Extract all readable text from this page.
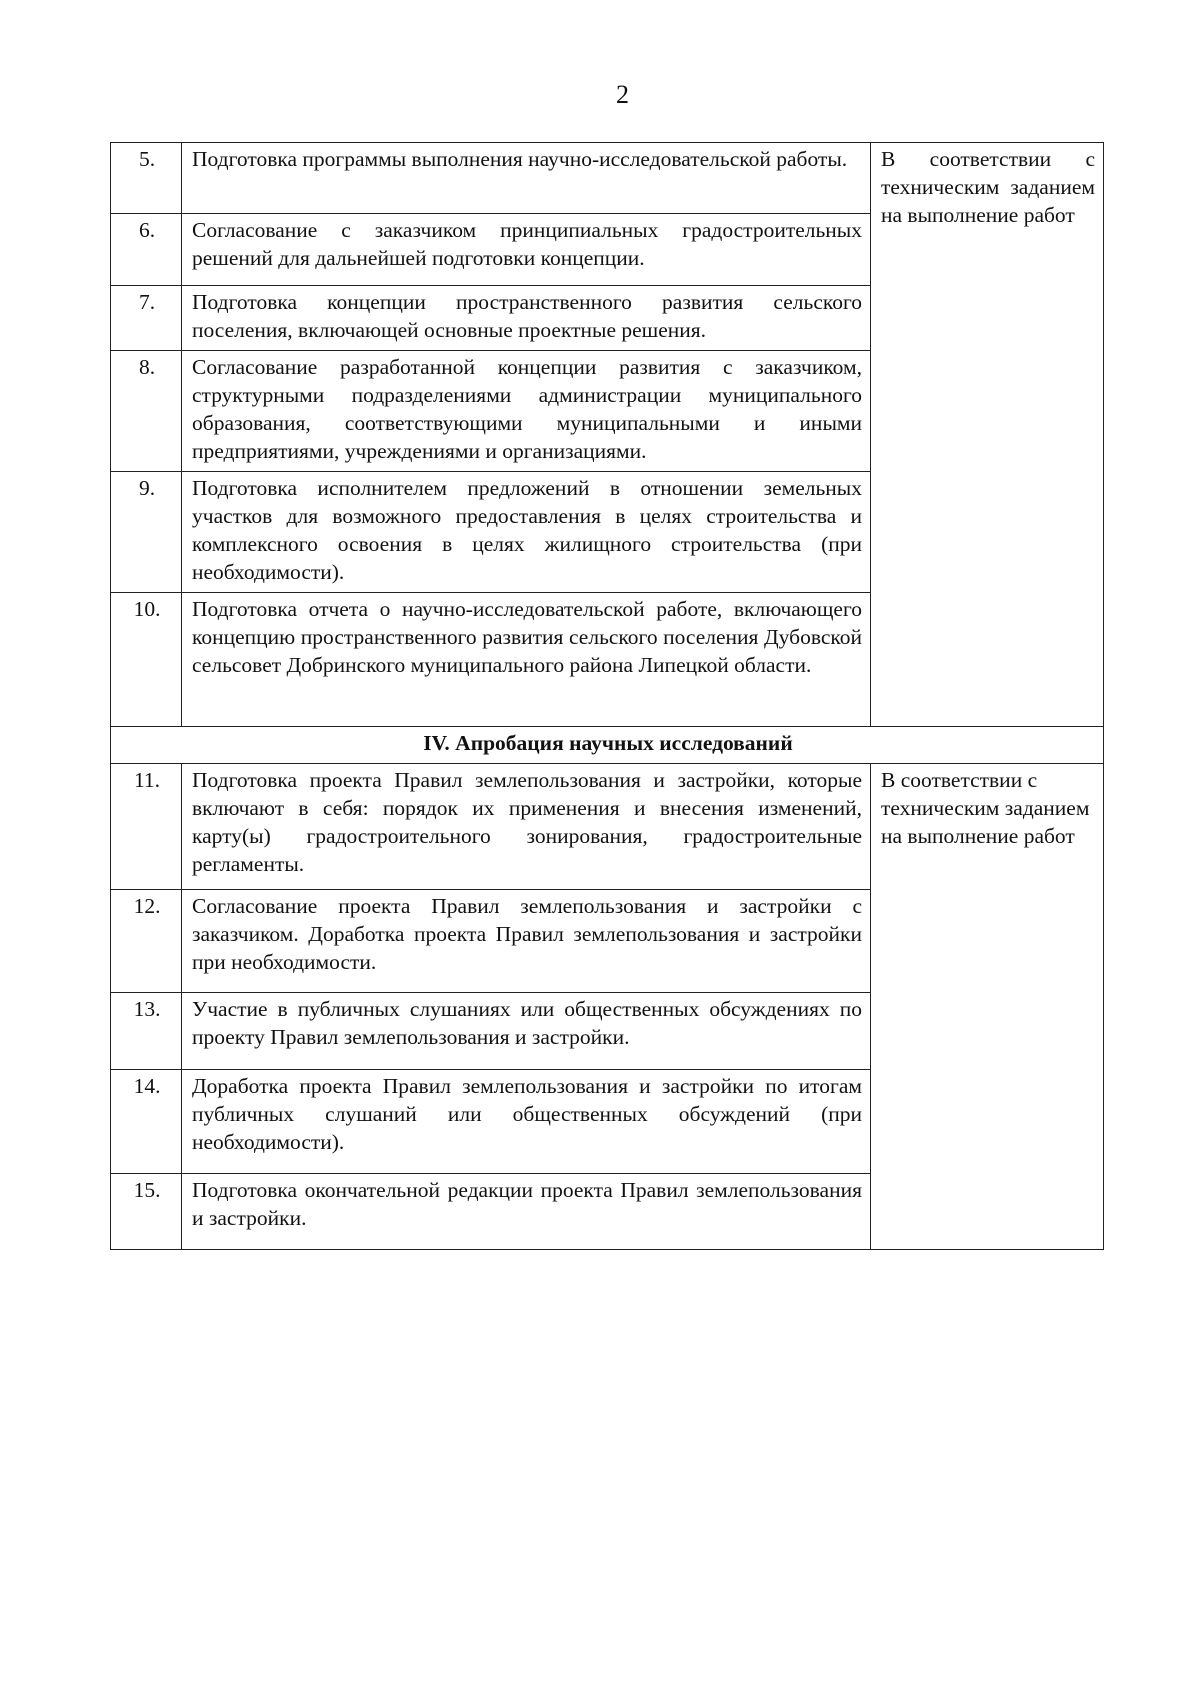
2
5.	Подготовка программы выполнения научно-исследовательской работы.	В соответствии с техническим заданием на выполнение работ
6.	Согласование с заказчиком принципиальных градостроительных решений для дальнейшей подготовки концепции.	
7.	Подготовка концепции пространственного развития сельского поселения, включающей основные проектные решения.	
8.	Согласование разработанной концепции развития с заказчиком, структурными подразделениями администрации муниципального образования, соответствующими муниципальными и иными предприятиями, учреждениями и организациями.	
9.	Подготовка исполнителем предложений в отношении земельных участков для возможного предоставления в целях строительства и комплексного освоения в целях жилищного строительства (при необходимости).	
10.	Подготовка отчета о научно-исследовательской работе, включающего концепцию пространственного развития сельского поселения Дубовской сельсовет Добринского муниципального района Липецкой области.	
IV. Апробация научных исследований		
11.	Подготовка проекта Правил землепользования и застройки, которые включают в себя: порядок их применения и внесения изменений, карту(ы) градостроительного зонирования, градостроительные регламенты.	В соответствии с техническим заданием на выполнение работ
12.	Согласование проекта Правил землепользования и застройки с заказчиком. Доработка проекта Правил землепользования и застройки при необходимости.	
13.	Участие в публичных слушаниях или общественных обсуждениях по проекту Правил землепользования и застройки.	
14.	Доработка проекта Правил землепользования и застройки по итогам публичных слушаний или общественных обсуждений (при необходимости).	
15.	Подготовка окончательной редакции проекта Правил землепользования и застройки.	
